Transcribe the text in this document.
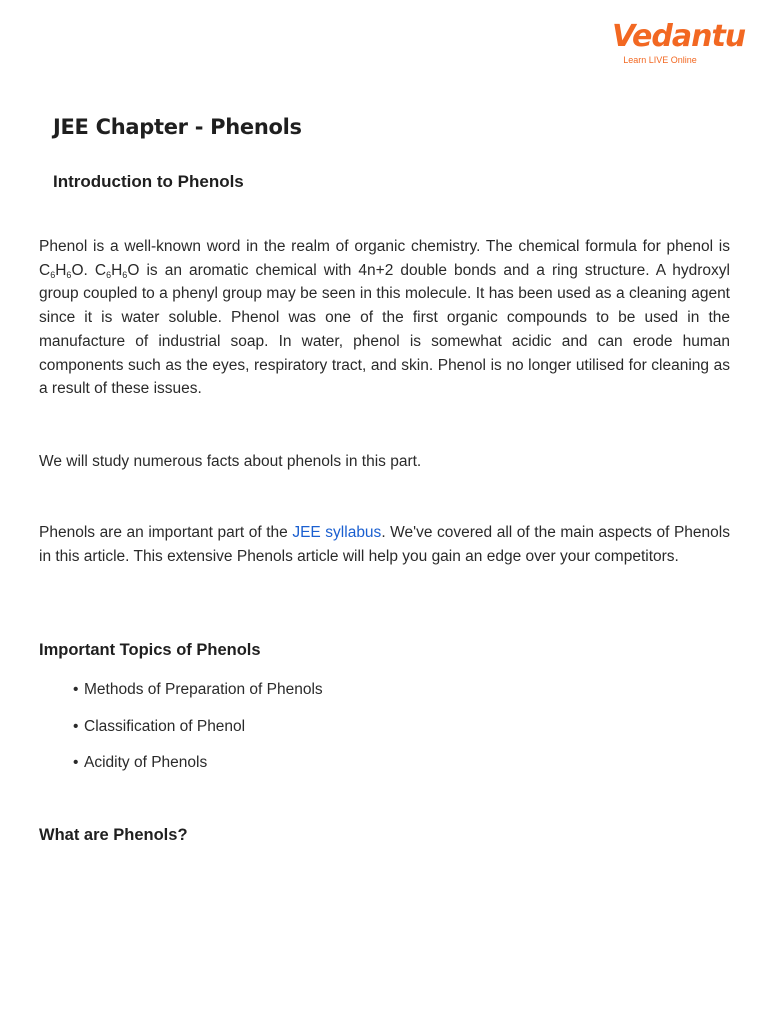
Vedantu
Learn LIVE Online
JEE Chapter - Phenols
Introduction to Phenols

Phenol is a well-known word in the realm of organic chemistry. The chemical formula for phenol is $C_6H_6O$. $C_6H_6O$ is an aromatic chemical with 4n+2 double bonds and a ring structure. A hydroxyl group coupled to a phenyl group may be seen in this molecule. It has been used as a cleaning agent since it is water soluble. Phenol was one of the first organic compounds to be used in the manufacture of industrial soap. In water, phenol is somewhat acidic and can erode human components such as the eyes, respiratory tract, and skin. Phenol is no longer utilised for cleaning as a result of these issues.

We will study numerous facts about phenols in this part.

Phenols are an important part of the JEE syllabus. We've covered all of the main aspects of Phenols in this article. This extensive Phenols article will help you gain an edge over your competitors.

Important Topics of Phenols
• Methods of Preparation of Phenols
• Classification of Phenol
• Acidity of Phenols
What are Phenols?
